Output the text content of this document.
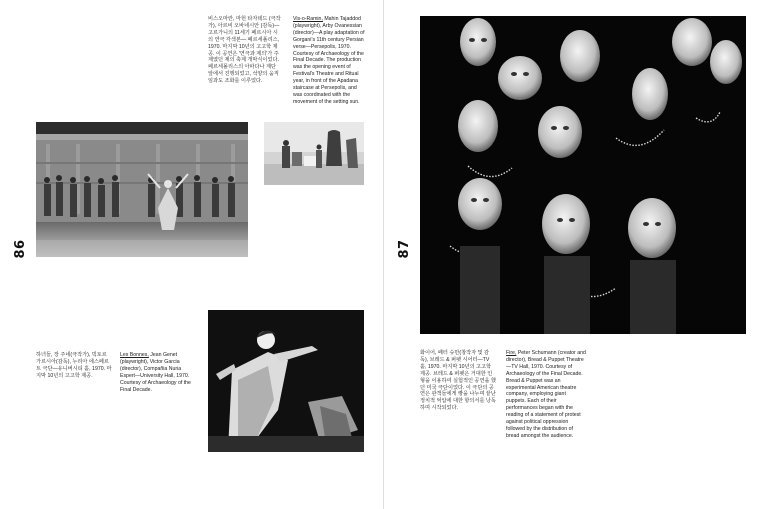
비스오마란, 마헌 타자데드 (극작가), 아르비 오바네시안 (감독)—고르가니의 11세기 페르시아 시의 연극 각색본— 페르세폴리스, 1970. 마지막 10년의 고고학 제공. 이 공연은 '연극과 제의'가 주제였던 제의 축제 개막식이었다. 페르세폴리스의 아파다나 계단 앞에서 진행되었고, 석양의 움직임과도 조화를 이루었다.

Vis-o-Ramin, Mahin Tajaddod (playwright), Arby Ovanessian (director)—A play adaptation of Gorgani's 11th century Persian verse—Persepolis, 1970. Courtesy of Archaeology of the Final Decade. The production was the opening event of Festival's Theatre and Ritual year, in front of the Apadana staircase at Persepolis, and was coordinated with the movement of the setting sun.

하녀들, 장 주네(극작가), 빅토르 가르시아(감독), 누리아 에스페르트 극단—유니버시티 홀, 1970. 마지막 10년의 고고학 제공.

Les Bonnes, Jean Genet (playwright), Victor Garcia (director), Compañia Nuria Espert—University Hall, 1970. Courtesy of Archaeology of the Final Decade.

86	87

화이어, 페터 슈만(창작자 및 감독), 브레드 & 퍼펫 시어터—TV 홀, 1970. 마지막 10년의 고고학 제공. 브레드 & 퍼펫은 거대한 인형을 이용하여 실험적인 공연을 했던 미국 극단이었다. 이 극단의 공연은 관객들에게 빵을 나누며 끝난 정치적 억압에 대한 항의서를 낭독하며 시작되었다.

Fire, Peter Schumann (creator and director), Bread & Puppet Theatre—TV Hall, 1970. Courtesy of Archaeology of the Final Decade. Bread & Puppet was an experimental American theatre company, employing giant puppets. Each of their performances began with the reading of a statement of protest against political oppression followed by the distribution of bread amongst the audience.
